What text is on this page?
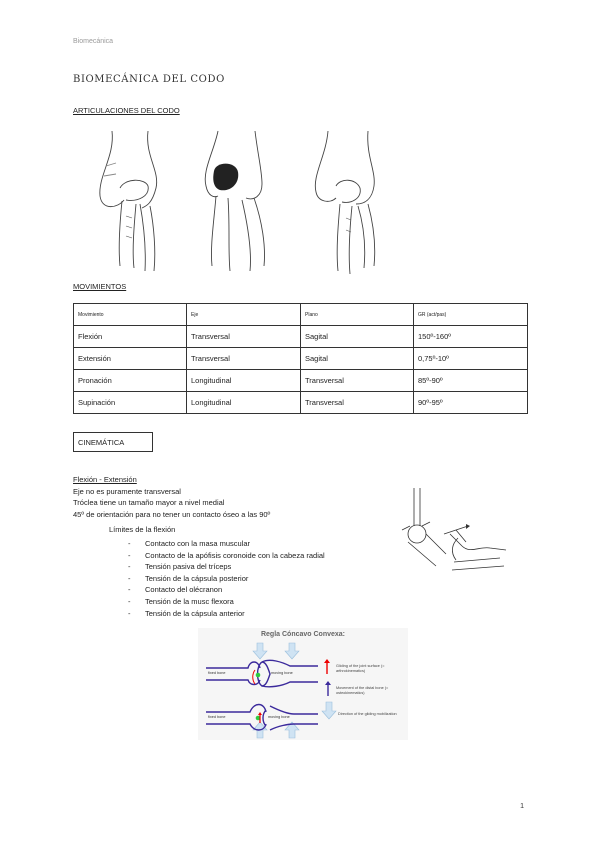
Biomecánica
BIOMECÁNICA DEL CODO
ARTICULACIONES DEL CODO
MOVIMIENTOS
Movimiento	Eje	Plano	GR (act/pas)
Flexión	Transversal	Sagital	150º-160º
Extensión	Transversal	Sagital	0,75º-10º
Pronación	Longitudinal	Transversal	85º-90º
Supinación	Longitudinal	Transversal	90º-95º
CINEMÁTICA
Flexión - Extensión
Eje no es puramente transversal
Tróclea tiene un tamaño mayor a nivel medial
45º de orientación para no tener un contacto óseo a las 90º
Límites de la flexión
- Contacto con la masa muscular
- Contacto de la apófisis coronoide con la cabeza radial
- Tensión pasiva del tríceps
- Tensión de la cápsula posterior
- Contacto del olécranon
- Tensión de la musc flexora
- Tensión de la cápsula anterior
Regla Cóncavo Convexa:
fixed bone	moving bone
fixed bone	moving bone
Gliding of the joint surface (= arthrokinematics)
Movement of the distal bone (= osteokinematics)
Direction of the gliding mobilization
1
